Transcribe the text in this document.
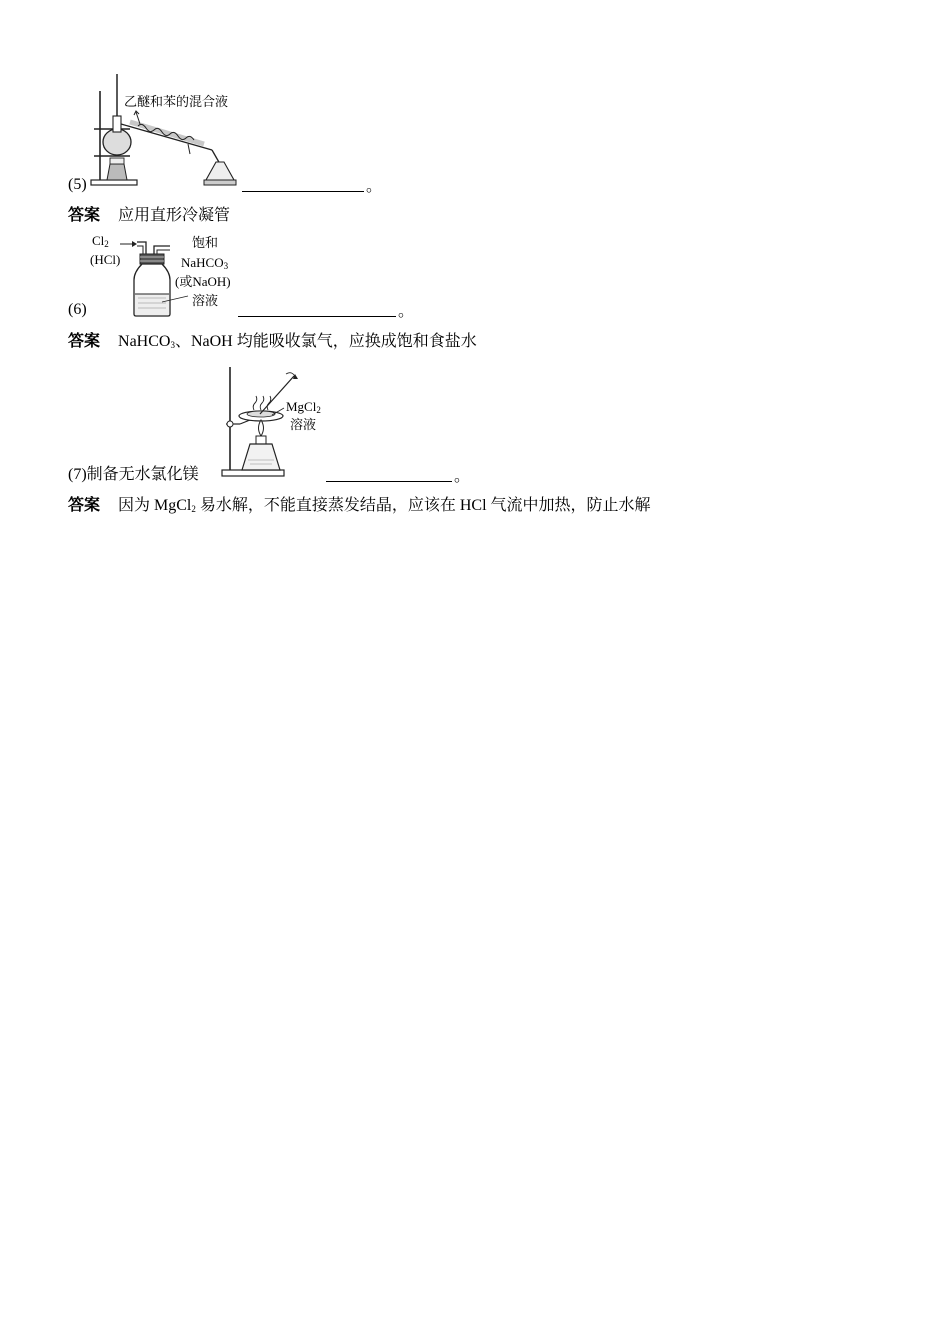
乙醚和苯的混合液
(5)	。
答案 应用直形冷凝管
$Cl_2$
(HCl)
饱和
NaHCO$_3$
(或NaOH)
溶液
(6)	。
答案 NaHCO$_3$、NaOH 均能吸收氯气，应换成饱和食盐水
MgCl$_2$
溶液
(7)制备无水氯化镁	。
答案 因为 MgCl$_2$ 易水解，不能直接蒸发结晶，应该在 HCl 气流中加热，防止水解
